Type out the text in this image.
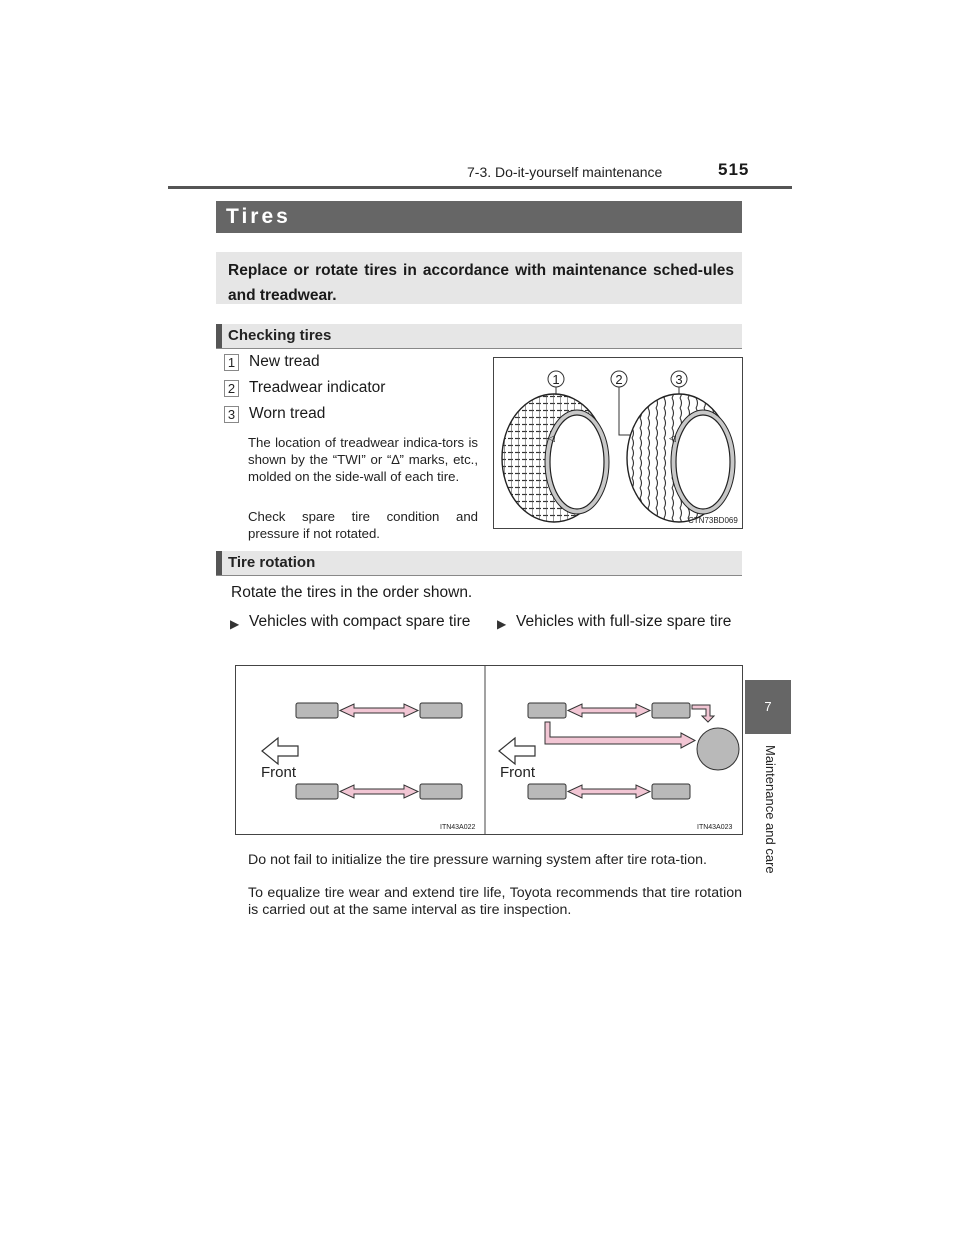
7-3. Do-it-yourself maintenance	515
7
Maintenance and care
Tires
Replace or rotate tires in accordance with maintenance sched-ules and treadwear.
Checking tires
1 New tread
2 Treadwear indicator
3 Worn tread
The location of treadwear indica-tors is shown by the “TWI” or “∆” marks, etc., molded on the side-wall of each tire.
Check spare tire condition and pressure if not rotated.
1	2	3
◁	◁
CTN73BD069
Tire rotation
Rotate the tires in the order shown.
▶ Vehicles with compact spare tire	▶ Vehicles with full-size spare tire
Front
ITN43A022
Front
ITN43A023
Do not fail to initialize the tire pressure warning system after tire rota-tion.
To equalize tire wear and extend tire life, Toyota recommends that tire rotation is carried out at the same interval as tire inspection.
